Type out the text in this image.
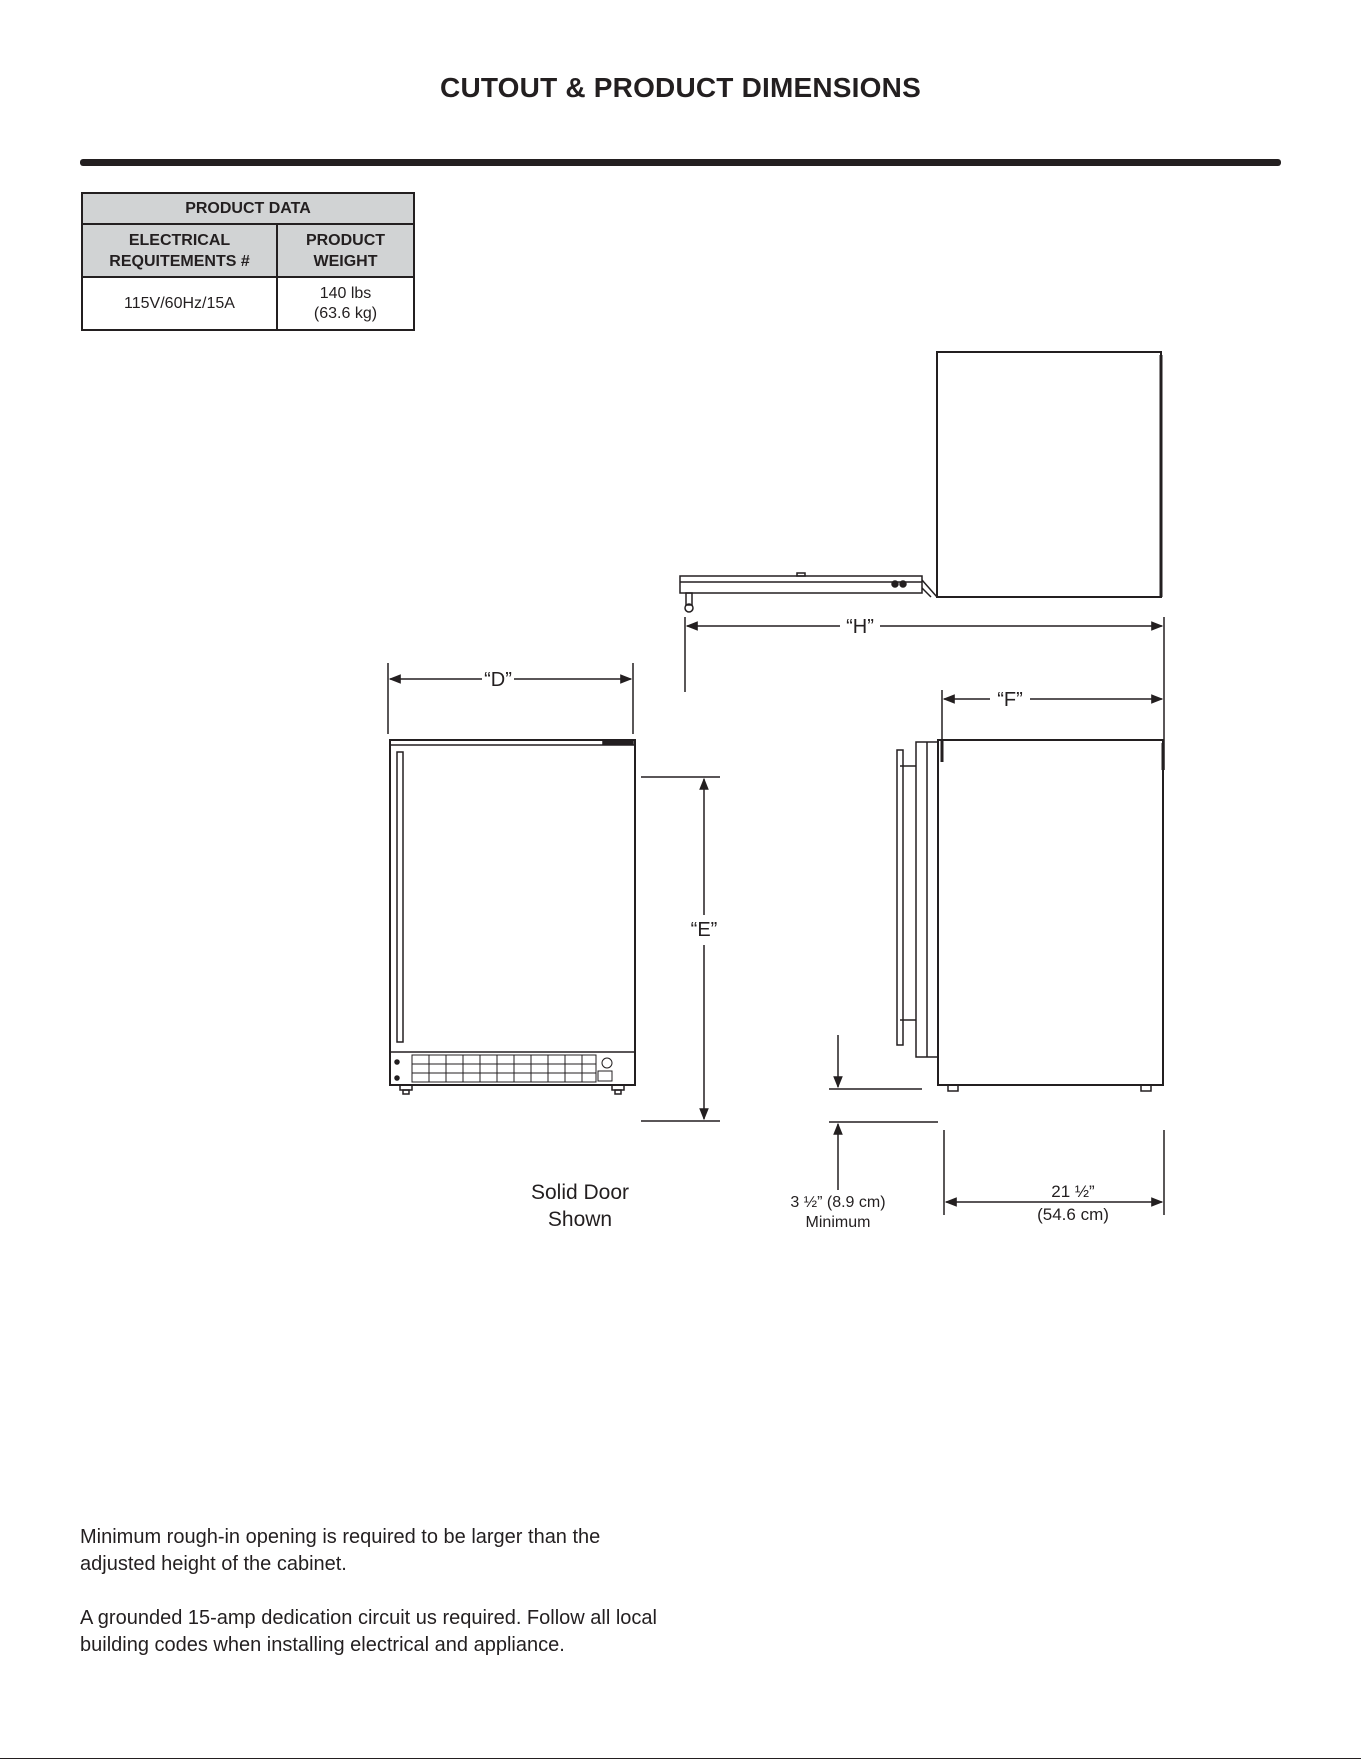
CUTOUT & PRODUCT DIMENSIONS
PRODUCT DATA	
ELECTRICAL REQUITEMENTS #	PRODUCT WEIGHT
115V/60Hz/15A	140 lbs
(63.6 kg)
“H”
“D”
“E”
Solid Door
Shown
“F”
3 ½” (8.9 cm)
Minimum
21 ½”
(54.6 cm)
Minimum rough-in opening is required to be larger than the adjusted height of the cabinet.
A grounded 15-amp dedication circuit us required. Follow all local building codes when installing electrical and appliance.
